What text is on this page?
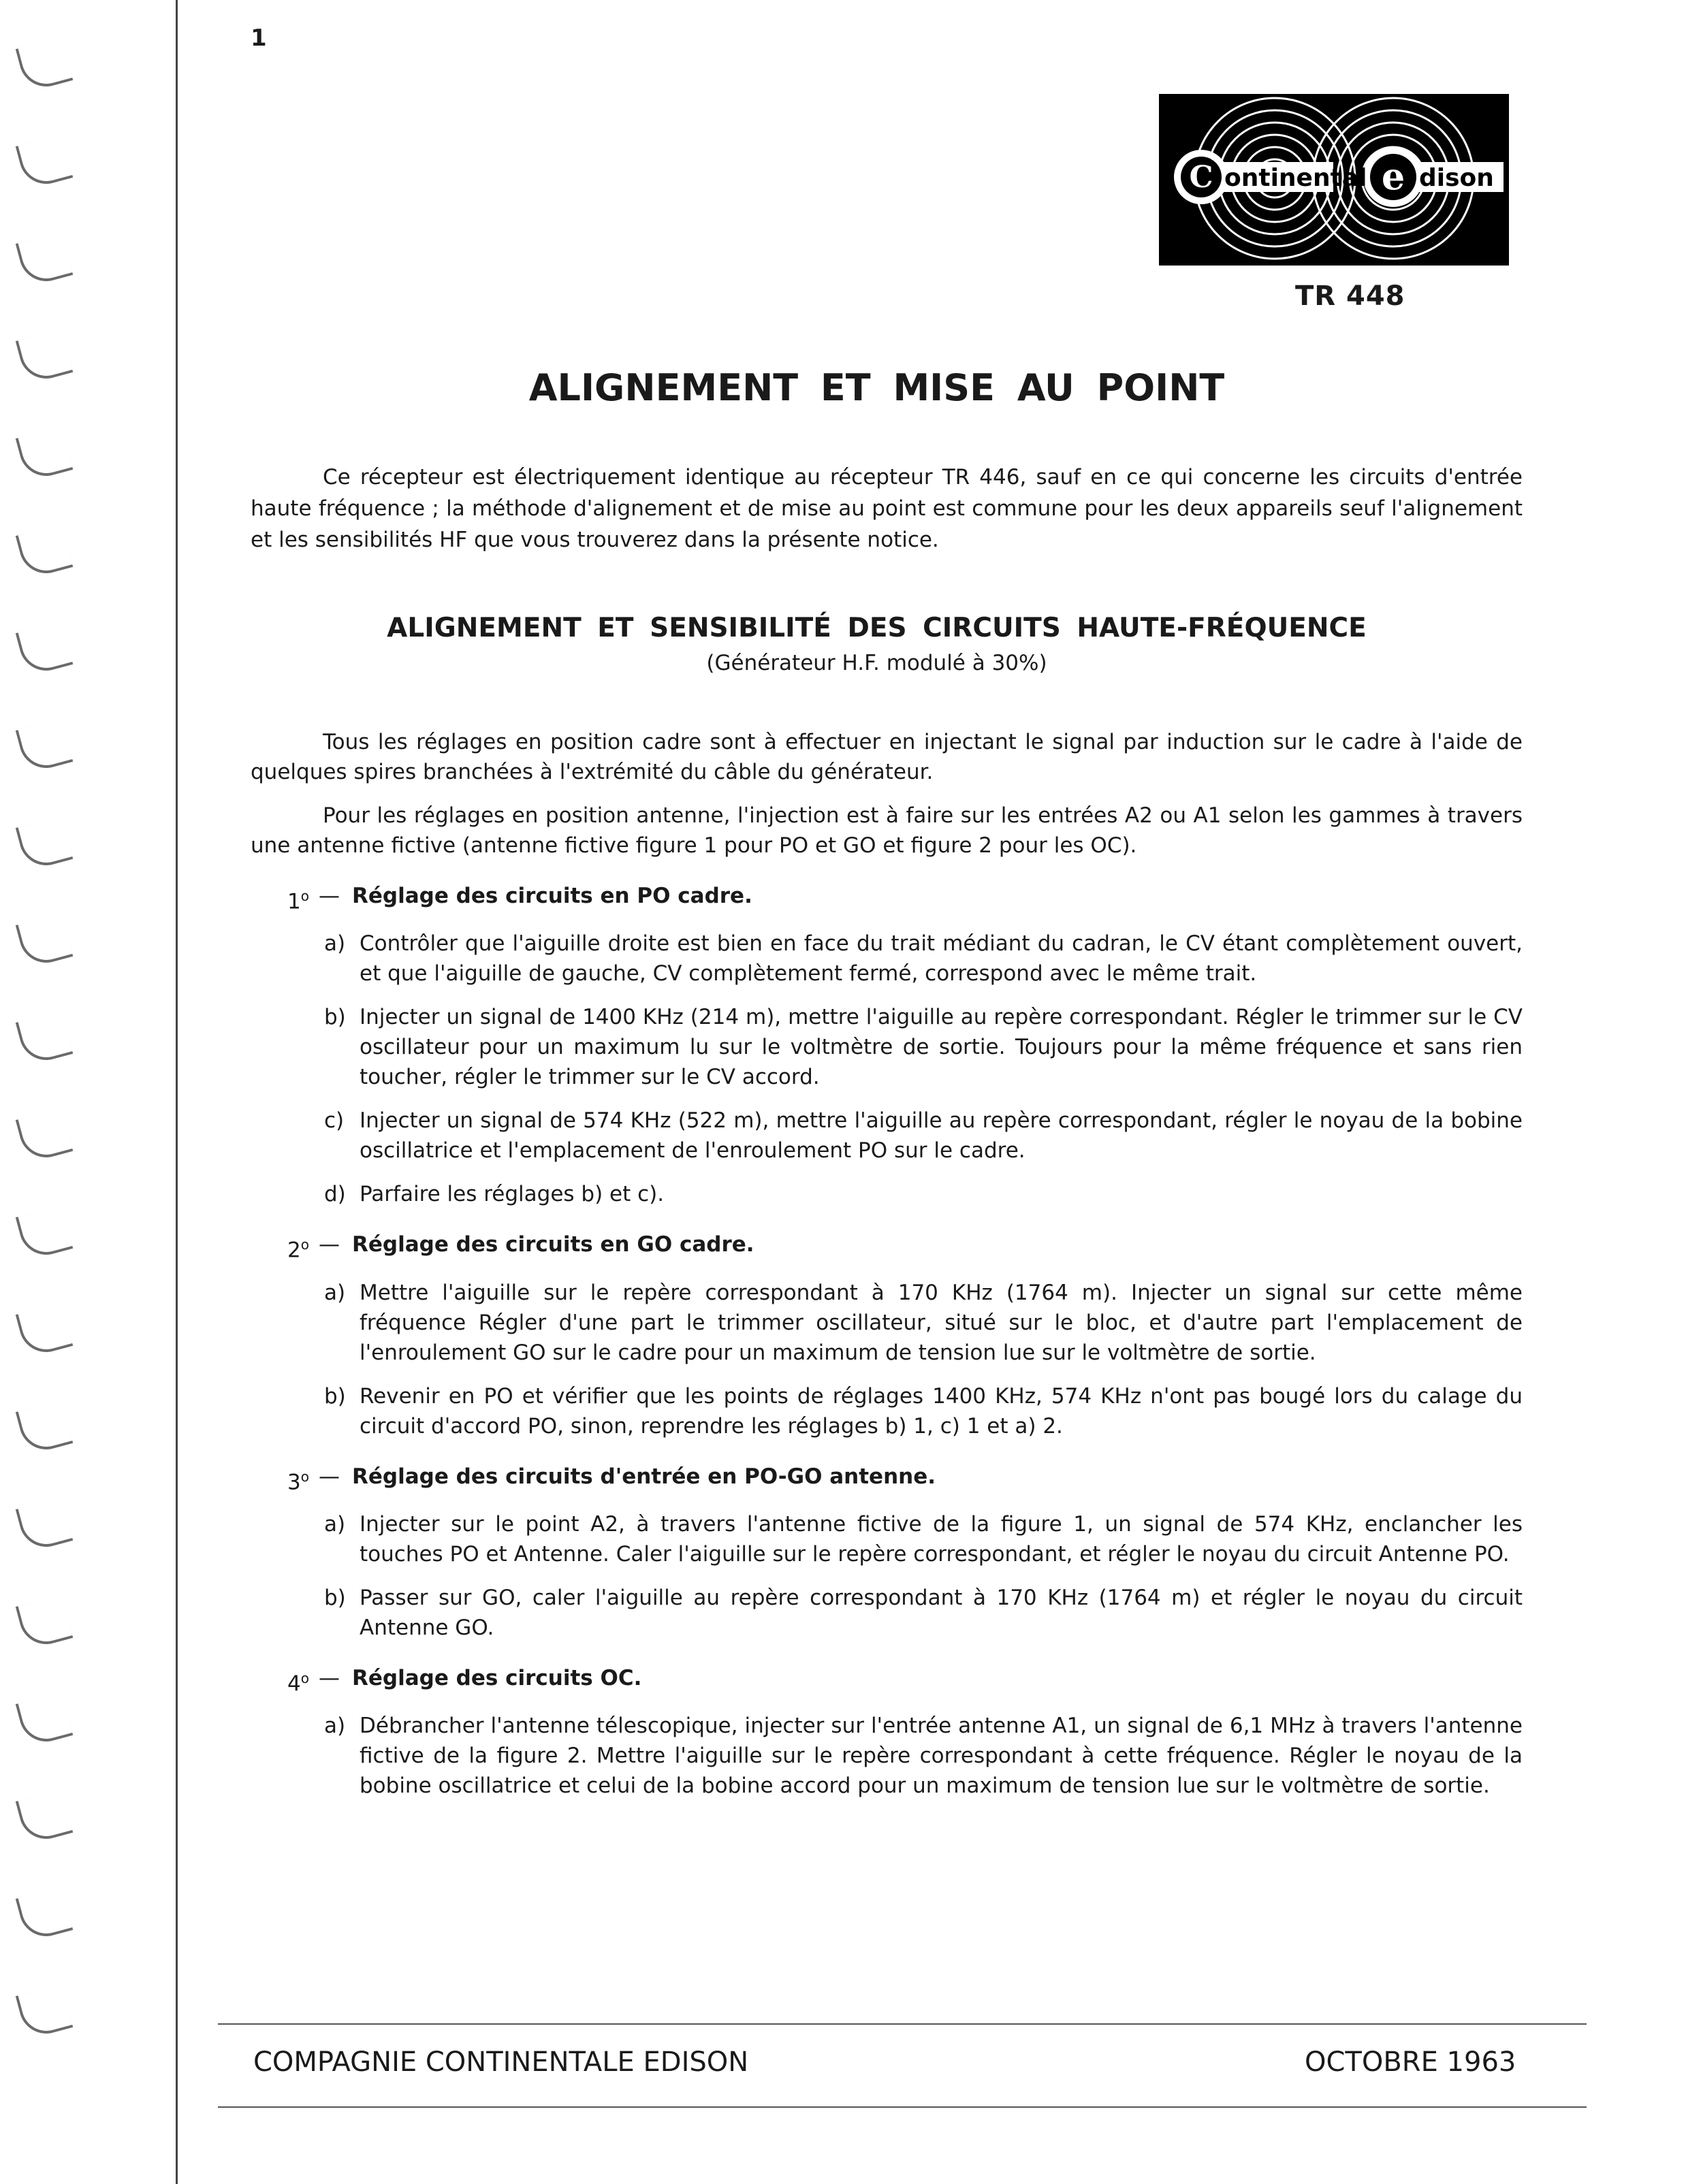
1
C ontinental e dison
TR 448
ALIGNEMENT ET MISE AU POINT

Ce récepteur est électriquement identique au récepteur TR 446, sauf en ce qui concerne les circuits d'entrée haute fréquence ; la méthode d'alignement et de mise au point est commune pour les deux appareils seuf l'alignement et les sensibilités HF que vous trouverez dans la présente notice.

ALIGNEMENT ET SENSIBILITÉ DES CIRCUITS HAUTE-FRÉQUENCE
(Générateur H.F. modulé à 30%)

Tous les réglages en position cadre sont à effectuer en injectant le signal par induction sur le cadre à l'aide de quelques spires branchées à l'extrémité du câble du générateur.

Pour les réglages en position antenne, l'injection est à faire sur les entrées A2 ou A1 selon les gammes à travers une antenne fictive (antenne fictive figure 1 pour PO et GO et figure 2 pour les OC).

1$^o$ — Réglage des circuits en PO cadre.
a) Contrôler que l'aiguille droite est bien en face du trait médiant du cadran, le CV étant complètement ouvert, et que l'aiguille de gauche, CV complètement fermé, correspond avec le même trait.

b) Injecter un signal de 1400 KHz (214 m), mettre l'aiguille au repère correspondant. Régler le trimmer sur le CV oscillateur pour un maximum lu sur le voltmètre de sortie. Toujours pour la même fréquence et sans rien toucher, régler le trimmer sur le CV accord.

c) Injecter un signal de 574 KHz (522 m), mettre l'aiguille au repère correspondant, régler le noyau de la bobine oscillatrice et l'emplacement de l'enroulement PO sur le cadre.

d) Parfaire les réglages b) et c).

2$^o$ — Réglage des circuits en GO cadre.
a) Mettre l'aiguille sur le repère correspondant à 170 KHz (1764 m). Injecter un signal sur cette même fréquence Régler d'une part le trimmer oscillateur, situé sur le bloc, et d'autre part l'emplacement de l'enroulement GO sur le cadre pour un maximum de tension lue sur le voltmètre de sortie.

b) Revenir en PO et vérifier que les points de réglages 1400 KHz, 574 KHz n'ont pas bougé lors du calage du circuit d'accord PO, sinon, reprendre les réglages b) 1, c) 1 et a) 2.

3$^o$ — Réglage des circuits d'entrée en PO-GO antenne.
a) Injecter sur le point A2, à travers l'antenne fictive de la figure 1, un signal de 574 KHz, enclancher les touches PO et Antenne. Caler l'aiguille sur le repère correspondant, et régler le noyau du circuit Antenne PO.

b) Passer sur GO, caler l'aiguille au repère correspondant à 170 KHz (1764 m) et régler le noyau du circuit Antenne GO.

4$^o$ — Réglage des circuits OC.
a) Débrancher l'antenne télescopique, injecter sur l'entrée antenne A1, un signal de 6,1 MHz à travers l'antenne fictive de la figure 2. Mettre l'aiguille sur le repère correspondant à cette fréquence. Régler le noyau de la bobine oscillatrice et celui de la bobine accord pour un maximum de tension lue sur le voltmètre de sortie.

COMPAGNIE CONTINENTALE EDISON	OCTOBRE 1963
